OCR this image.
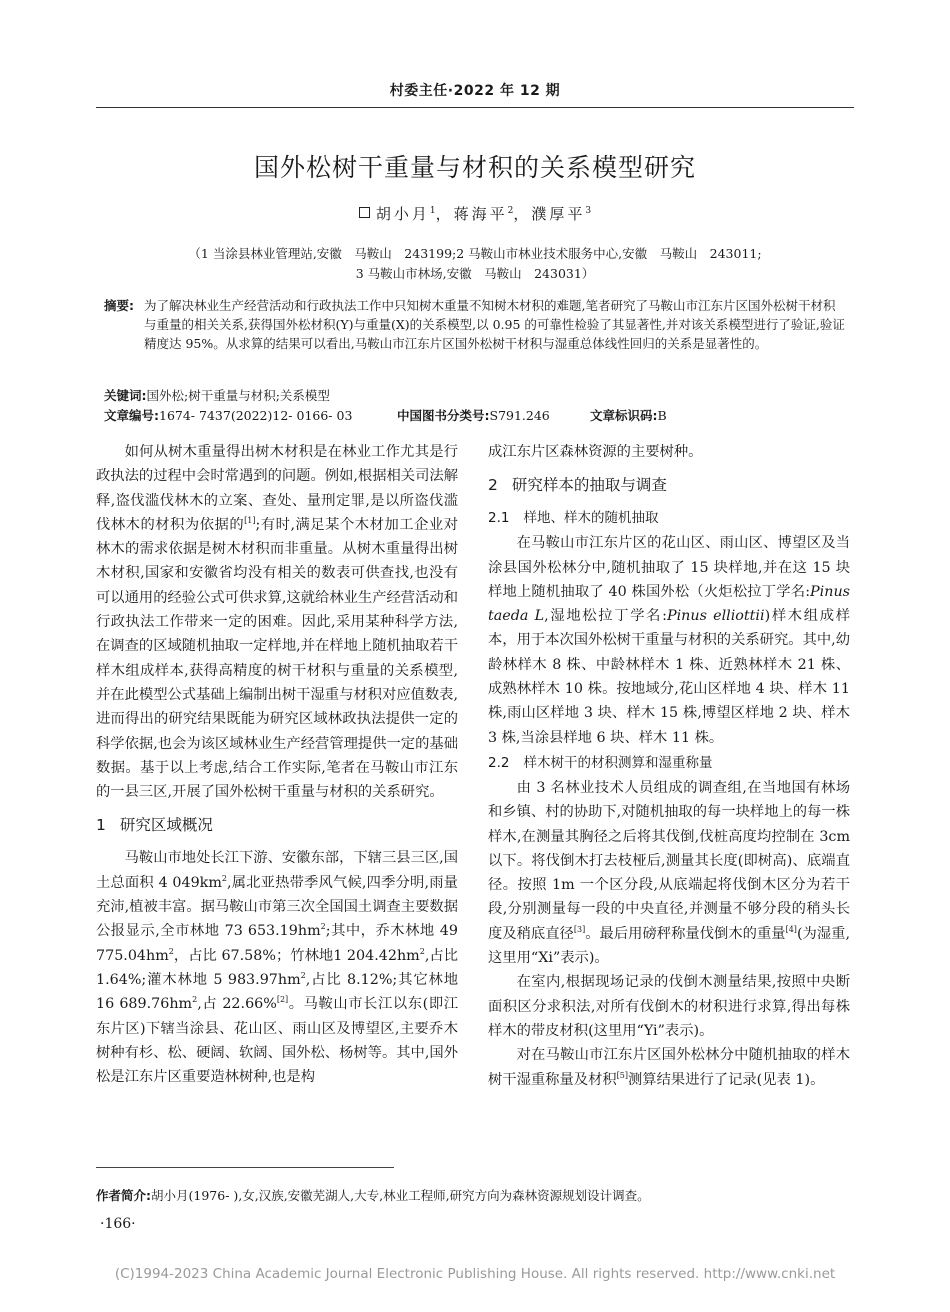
村委主任·2022 年 12 期
国外松树干重量与材积的关系模型研究
胡小月$^1$，蒋海平$^2$，濮厚平$^3$
（1 当涂县林业管理站,安徽　马鞍山　243199;2 马鞍山市林业技术服务中心,安徽　马鞍山　243011;
3 马鞍山市林场,安徽　马鞍山　243031）
摘要: 为了解决林业生产经营活动和行政执法工作中只知树木重量不知树木材积的难题,笔者研究了马鞍山市江东片区国外松树干材积与重量的相关关系,获得国外松材积(Y)与重量(X)的关系模型,以 0.95 的可靠性检验了其显著性,并对该关系模型进行了验证,验证精度达 95%。从求算的结果可以看出,马鞍山市江东片区国外松树干材积与湿重总体线性回归的关系是显著性的。
关键词:国外松;树干重量与材积;关系模型
文章编号:1674- 7437(2022)12- 0166- 03	中国图书分类号:S791.246	文章标识码:B

如何从树木重量得出树木材积是在林业工作尤其是行政执法的过程中会时常遇到的问题。例如,根据相关司法解释,盗伐滥伐林木的立案、查处、量刑定罪,是以所盗伐滥伐林木的材积为依据的[1];有时,满足某个木材加工企业对林木的需求依据是树木材积而非重量。从树木重量得出树木材积,国家和安徽省均没有相关的数表可供查找,也没有可以通用的经验公式可供求算,这就给林业生产经营活动和行政执法工作带来一定的困难。因此,采用某种科学方法,在调查的区域随机抽取一定样地,并在样地上随机抽取若干样木组成样本,获得高精度的树干材积与重量的关系模型,并在此模型公式基础上编制出树干湿重与材积对应值数表,进而得出的研究结果既能为研究区域林政执法提供一定的科学依据,也会为该区域林业生产经营管理提供一定的基础数据。基于以上考虑,结合工作实际,笔者在马鞍山市江东的一县三区,开展了国外松树干重量与材积的关系研究。

1 研究区域概况

马鞍山市地处长江下游、安徽东部，下辖三县三区,国土总面积 4 049km$^2$,属北亚热带季风气候,四季分明,雨量充沛,植被丰富。据马鞍山市第三次全国国土调查主要数据公报显示,全市林地 73 653.19hm$^2$;其中，乔木林地 49 775.04hm$^2$，占比 67.58%；竹林地1 204.42hm$^2$,占比 1.64%;灌木林地 5 983.97hm$^2$,占比 8.12%;其它林地 16 689.76hm$^2$,占 22.66%[2]。马鞍山市长江以东(即江东片区)下辖当涂县、花山区、雨山区及博望区,主要乔木树种有杉、松、硬阔、软阔、国外松、杨树等。其中,国外松是江东片区重要造林树种,也是构

成江东片区森林资源的主要树种。

2 研究样本的抽取与调查
2.1 样地、样木的随机抽取

在马鞍山市江东片区的花山区、雨山区、博望区及当涂县国外松林分中,随机抽取了 15 块样地,并在这 15 块样地上随机抽取了 40 株国外松（火炬松拉丁学名:Pinus taeda L,湿地松拉丁学名:Pinus elliottii)样木组成样本，用于本次国外松树干重量与材积的关系研究。其中,幼龄林样木 8 株、中龄林样木 1 株、近熟林样木 21 株、成熟林样木 10 株。按地域分,花山区样地 4 块、样木 11 株,雨山区样地 3 块、样木 15 株,博望区样地 2 块、样木 3 株,当涂县样地 6 块、样木 11 株。

2.2 样木树干的材积测算和湿重称量

由 3 名林业技术人员组成的调查组,在当地国有林场和乡镇、村的协助下,对随机抽取的每一块样地上的每一株样木,在测量其胸径之后将其伐倒,伐桩高度均控制在 3cm 以下。将伐倒木打去枝桠后,测量其长度(即树高)、底端直径。按照 1m 一个区分段,从底端起将伐倒木区分为若干段,分别测量每一段的中央直径,并测量不够分段的稍头长度及稍底直径[3]。最后用磅秤称量伐倒木的重量[4](为湿重,这里用“Xi”表示)。

在室内,根据现场记录的伐倒木测量结果,按照中央断面积区分求积法,对所有伐倒木的材积进行求算,得出每株样木的带皮材积(这里用“Yi”表示)。

对在马鞍山市江东片区国外松林分中随机抽取的样木树干湿重称量及材积[5]测算结果进行了记录(见表 1)。

作者简介:胡小月(1976- ),女,汉族,安徽芜湖人,大专,林业工程师,研究方向为森林资源规划设计调查。
·166·
(C)1994-2023 China Academic Journal Electronic Publishing House. All rights reserved. http://www.cnki.net
